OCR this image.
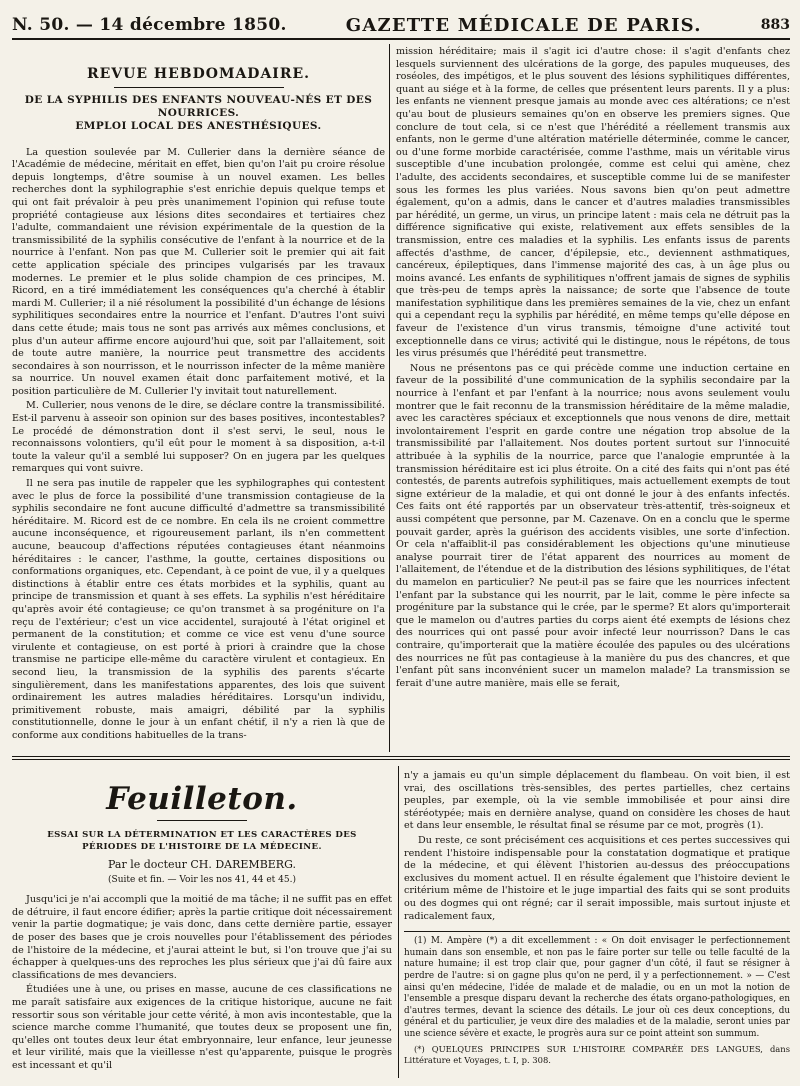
N. 50. — 14 décembre 1850.	GAZETTE MÉDICALE DE PARIS.	883
REVUE HEBDOMADAIRE.
DE LA SYPHILIS DES ENFANTS NOUVEAU-NÉS ET DES NOURRICES.
EMPLOI LOCAL DES ANESTHÉSIQUES.

La question soulevée par M. Cullerier dans la dernière séance de l'Académie de médecine, méritait en effet, bien qu'on l'ait pu croire résolue depuis longtemps, d'être soumise à un nouvel examen. Les belles recherches dont la syphilographie s'est enrichie depuis quelque temps et qui ont fait prévaloir à peu près unanimement l'opinion qui refuse toute propriété contagieuse aux lésions dites secondaires et tertiaires chez l'adulte, commandaient une révision expérimentale de la question de la transmissibilité de la syphilis consécutive de l'enfant à la nourrice et de la nourrice à l'enfant. Non pas que M. Cullerier soit le premier qui ait fait cette application spéciale des principes vulgarisés par les travaux modernes. Le premier et le plus solide champion de ces principes, M. Ricord, en a tiré immédiatement les conséquences qu'a cherché à établir mardi M. Cullerier; il a nié résolument la possibilité d'un échange de lésions syphilitiques secondaires entre la nourrice et l'enfant. D'autres l'ont suivi dans cette étude; mais tous ne sont pas arrivés aux mêmes conclusions, et plus d'un auteur affirme encore aujourd'hui que, soit par l'allaitement, soit de toute autre manière, la nourrice peut transmettre des accidents secondaires à son nourrisson, et le nourrisson infecter de la même manière sa nourrice. Un nouvel examen était donc parfaitement motivé, et la position particulière de M. Cullerier l'y invitait tout naturellement.

M. Cullerier, nous venons de le dire, se déclare contre la transmissibilité. Est-il parvenu à asseoir son opinion sur des bases positives, incontestables? Le procédé de démonstration dont il s'est servi, le seul, nous le reconnaissons volontiers, qu'il eût pour le moment à sa disposition, a-t-il toute la valeur qu'il a semblé lui supposer? On en jugera par les quelques remarques qui vont suivre.

Il ne sera pas inutile de rappeler que les syphilographes qui contestent avec le plus de force la possibilité d'une transmission contagieuse de la syphilis secondaire ne font aucune difficulté d'admettre sa transmissibilité héréditaire. M. Ricord est de ce nombre. En cela ils ne croient commettre aucune inconséquence, et rigoureusement parlant, ils n'en commettent aucune, beaucoup d'affections réputées contagieuses étant néanmoins héréditaires : le cancer, l'asthme, la goutte, certaines dispositions ou conformations organiques, etc. Cependant, à ce point de vue, il y a quelques distinctions à établir entre ces états morbides et la syphilis, quant au principe de transmission et quant à ses effets. La syphilis n'est héréditaire qu'après avoir été contagieuse; ce qu'on transmet à sa progéniture on l'a reçu de l'extérieur; c'est un vice accidentel, surajouté à l'état originel et permanent de la constitution; et comme ce vice est venu d'une source virulente et contagieuse, on est porté à priori à craindre que la chose transmise ne participe elle-même du caractère virulent et contagieux. En second lieu, la transmission de la syphilis des parents s'écarte singulièrement, dans les manifestations apparentes, des lois que suivent ordinairement les autres maladies héréditaires. Lorsqu'un individu, primitivement robuste, mais amaigri, débilité par la syphilis constitutionnelle, donne le jour à un enfant chétif, il n'y a rien là que de conforme aux conditions habituelles de la trans-

mission héréditaire; mais il s'agit ici d'autre chose: il s'agit d'enfants chez lesquels surviennent des ulcérations de la gorge, des papules muqueuses, des roséoles, des impétigos, et le plus souvent des lésions syphilitiques différentes, quant au siége et à la forme, de celles que présentent leurs parents. Il y a plus: les enfants ne viennent presque jamais au monde avec ces altérations; ce n'est qu'au bout de plusieurs semaines qu'on en observe les premiers signes. Que conclure de tout cela, si ce n'est que l'hérédité a réellement transmis aux enfants, non le germe d'une altération matérielle déterminée, comme le cancer, ou d'une forme morbide caractérisée, comme l'asthme, mais un véritable virus susceptible d'une incubation prolongée, comme est celui qui amène, chez l'adulte, des accidents secondaires, et susceptible comme lui de se manifester sous les formes les plus variées. Nous savons bien qu'on peut admettre également, qu'on a admis, dans le cancer et d'autres maladies transmissibles par hérédité, un germe, un virus, un principe latent : mais cela ne détruit pas la différence significative qui existe, relativement aux effets sensibles de la transmission, entre ces maladies et la syphilis. Les enfants issus de parents affectés d'asthme, de cancer, d'épilepsie, etc., deviennent asthmatiques, cancéreux, épileptiques, dans l'immense majorité des cas, à un âge plus ou moins avancé. Les enfants de syphilitiques n'offrent jamais de signes de syphilis que très-peu de temps après la naissance; de sorte que l'absence de toute manifestation syphilitique dans les premières semaines de la vie, chez un enfant qui a cependant reçu la syphilis par hérédité, en même temps qu'elle dépose en faveur de l'existence d'un virus transmis, témoigne d'une activité tout exceptionnelle dans ce virus; activité qui le distingue, nous le répétons, de tous les virus présumés que l'hérédité peut transmettre.

Nous ne présentons pas ce qui précède comme une induction certaine en faveur de la possibilité d'une communication de la syphilis secondaire par la nourrice à l'enfant et par l'enfant à la nourrice; nous avons seulement voulu montrer que le fait reconnu de la transmission héréditaire de la même maladie, avec les caractères spéciaux et exceptionnels que nous venons de dire, mettait involontairement l'esprit en garde contre une négation trop absolue de la transmissibilité par l'allaitement. Nos doutes portent surtout sur l'innocuité attribuée à la syphilis de la nourrice, parce que l'analogie empruntée à la transmission héréditaire est ici plus étroite. On a cité des faits qui n'ont pas été contestés, de parents autrefois syphilitiques, mais actuellement exempts de tout signe extérieur de la maladie, et qui ont donné le jour à des enfants infectés. Ces faits ont été rapportés par un observateur très-attentif, très-soigneux et aussi compétent que personne, par M. Cazenave. On en a conclu que le sperme pouvait garder, après la guérison des accidents visibles, une sorte d'infection. Or cela n'affaiblit-il pas considérablement les objections qu'une minutieuse analyse pourrait tirer de l'état apparent des nourrices au moment de l'allaitement, de l'étendue et de la distribution des lésions syphilitiques, de l'état du mamelon en particulier? Ne peut-il pas se faire que les nourrices infectent l'enfant par la substance qui les nourrit, par le lait, comme le père infecte sa progéniture par la substance qui le crée, par le sperme? Et alors qu'importerait que le mamelon ou d'autres parties du corps aient été exempts de lésions chez des nourrices qui ont passé pour avoir infecté leur nourrisson? Dans le cas contraire, qu'importerait que la matière écoulée des papules ou des ulcérations des nourrices ne fût pas contagieuse à la manière du pus des chancres, et que l'enfant pût sans inconvénient sucer un mamelon malade? La transmission se ferait d'une autre manière, mais elle se ferait,

Feuilleton.
ESSAI SUR LA DÉTERMINATION ET LES CARACTÈRES DES PÉRIODES DE L'HISTOIRE DE LA MÉDECINE.
Par le docteur CH. DAREMBERG.
(Suite et fin. — Voir les nos 41, 44 et 45.)

Jusqu'ici je n'ai accompli que la moitié de ma tâche; il ne suffit pas en effet de détruire, il faut encore édifier; après la partie critique doit nécessairement venir la partie dogmatique; je vais donc, dans cette dernière partie, essayer de poser des bases que je crois nouvelles pour l'établissement des périodes de l'histoire de la médecine, et j'aurai atteint le but, si l'on trouve que j'ai su échapper à quelques-uns des reproches les plus sérieux que j'ai dû faire aux classifications de mes devanciers.

Étudiées une à une, ou prises en masse, aucune de ces classifications ne me paraît satisfaire aux exigences de la critique historique, aucune ne fait ressortir sous son véritable jour cette vérité, à mon avis incontestable, que la science marche comme l'humanité, que toutes deux se proposent une fin, qu'elles ont toutes deux leur état embryonnaire, leur enfance, leur jeunesse et leur virilité, mais que la vieillesse n'est qu'apparente, puisque le progrès est incessant et qu'il

n'y a jamais eu qu'un simple déplacement du flambeau. On voit bien, il est vrai, des oscillations très-sensibles, des pertes partielles, chez certains peuples, par exemple, où la vie semble immobilisée et pour ainsi dire stéréotypée; mais en dernière analyse, quand on considère les choses de haut et dans leur ensemble, le résultat final se résume par ce mot, progrès (1).

Du reste, ce sont précisément ces acquisitions et ces pertes successives qui rendent l'histoire indispensable pour la constatation dogmatique et pratique de la médecine, et qui élèvent l'historien au-dessus des préoccupations exclusives du moment actuel. Il en résulte également que l'histoire devient le critérium même de l'histoire et le juge impartial des faits qui se sont produits ou des dogmes qui ont régné; car il serait impossible, mais surtout injuste et radicalement faux,

(1) M. Ampère (*) a dit excellemment : « On doit envisager le perfectionnement humain dans son ensemble, et non pas le faire porter sur telle ou telle faculté de la nature humaine; il est trop clair que, pour gagner d'un côté, il faut se résigner à perdre de l'autre: si on gagne plus qu'on ne perd, il y a perfectionnement. » — C'est ainsi qu'en médecine, l'idée de malade et de maladie, ou en un mot la notion de l'ensemble a presque disparu devant la recherche des états organo-pathologiques, en d'autres termes, devant la science des détails. Le jour où ces deux conceptions, du général et du particulier, je veux dire des maladies et de la maladie, seront unies par une science sévère et exacte, le progrès aura sur ce point atteint son summum.

(*) QUELQUES PRINCIPES SUR L'HISTOIRE COMPARÉE DES LANGUES, dans Littérature et Voyages, t. I, p. 308.
